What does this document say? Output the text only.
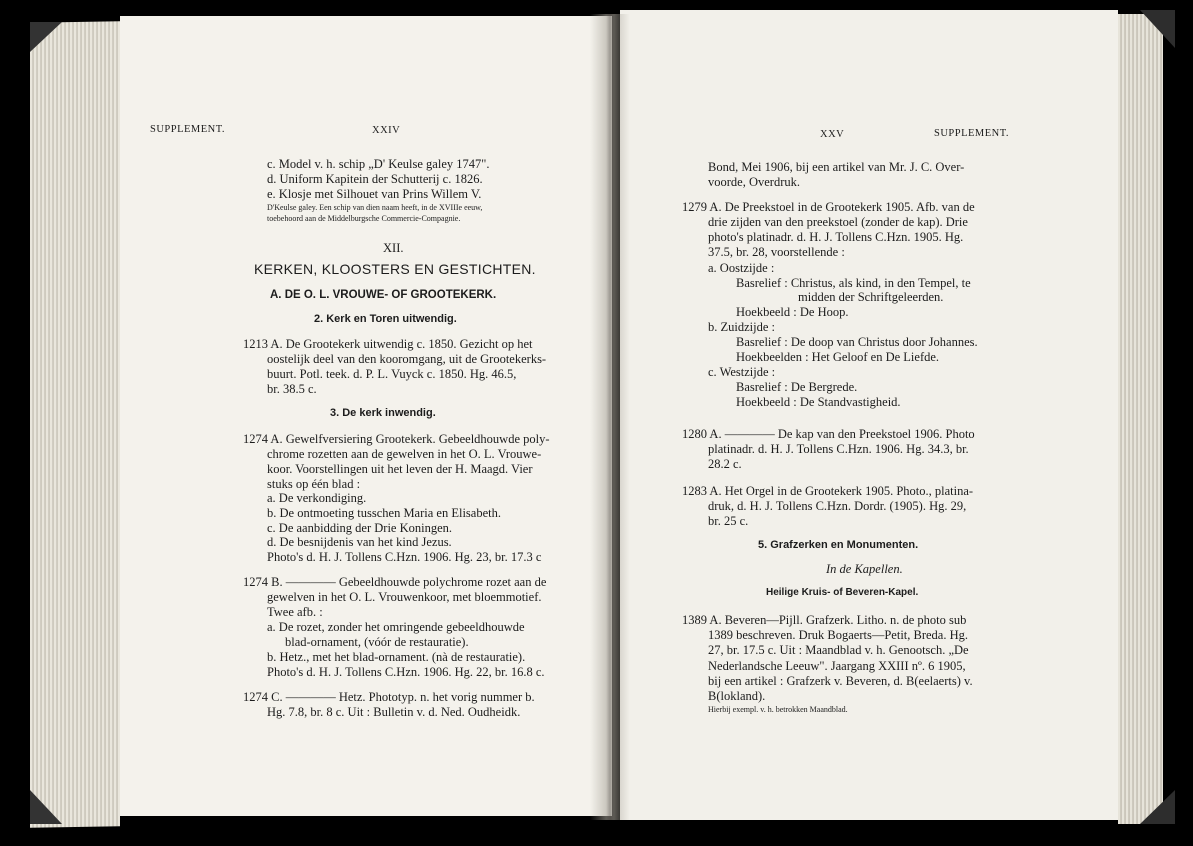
SUPPLEMENT.	XXIV
c. Model v. h. schip „D' Keulse galey 1747".
d. Uniform Kapitein der Schutterij c. 1826.
e. Klosje met Silhouet van Prins Willem V.
D'Keulse galey. Een schip van dien naam heeft, in de XVIIIe eeuw,
toebehoord aan de Middelburgsche Commercie-Compagnie.
XII.
KERKEN, KLOOSTERS EN GESTICHTEN.
A. DE O. L. VROUWE- OF GROOTEKERK.
2. Kerk en Toren uitwendig.
1213 A. De Grootekerk uitwendig c. 1850. Gezicht op het
oostelijk deel van den kooromgang, uit de Grootekerks-
buurt. Potl. teek. d. P. L. Vuyck c. 1850. Hg. 46.5,
br. 38.5 c.
3. De kerk inwendig.
1274 A. Gewelfversiering Grootekerk. Gebeeldhouwde poly-
chrome rozetten aan de gewelven in het O. L. Vrouwe-
koor. Voorstellingen uit het leven der H. Maagd. Vier
stuks op één blad :
a. De verkondiging.
b. De ontmoeting tusschen Maria en Elisabeth.
c. De aanbidding der Drie Koningen.
d. De besnijdenis van het kind Jezus.
Photo's d. H. J. Tollens C.Hzn. 1906. Hg. 23, br. 17.3 c
1274 B. ———— Gebeeldhouwde polychrome rozet aan de
gewelven in het O. L. Vrouwenkoor, met bloemmotief.
Twee afb. :
a. De rozet, zonder het omringende gebeeldhouwde
blad-ornament, (vóór de restauratie).
b. Hetz., met het blad-ornament. (nà de restauratie).
Photo's d. H. J. Tollens C.Hzn. 1906. Hg. 22, br. 16.8 c.
1274 C. ———— Hetz. Phototyp. n. het vorig nummer b.
Hg. 7.8, br. 8 c. Uit : Bulletin v. d. Ned. Oudheidk.
XXV	SUPPLEMENT.
Bond, Mei 1906, bij een artikel van Mr. J. C. Over-
voorde, Overdruk.
1279 A. De Preekstoel in de Grootekerk 1905. Afb. van de
drie zijden van den preekstoel (zonder de kap). Drie
photo's platinadr. d. H. J. Tollens C.Hzn. 1905. Hg.
37.5, br. 28, voorstellende :
a. Oostzijde :
Basrelief : Christus, als kind, in den Tempel, te
midden der Schriftgeleerden.
Hoekbeeld : De Hoop.
b. Zuidzijde :
Basrelief : De doop van Christus door Johannes.
Hoekbeelden : Het Geloof en De Liefde.
c. Westzijde :
Basrelief : De Bergrede.
Hoekbeeld : De Standvastigheid.
1280 A. ———— De kap van den Preekstoel 1906. Photo
platinadr. d. H. J. Tollens C.Hzn. 1906. Hg. 34.3, br.
28.2 c.
1283 A. Het Orgel in de Grootekerk 1905. Photo., platina-
druk, d. H. J. Tollens C.Hzn. Dordr. (1905). Hg. 29,
br. 25 c.
5. Grafzerken en Monumenten.
In de Kapellen.
Heilige Kruis- of Beveren-Kapel.
1389 A. Beveren—Pijll. Grafzerk. Litho. n. de photo sub
1389 beschreven. Druk Bogaerts—Petit, Breda. Hg.
27, br. 17.5 c. Uit : Maandblad v. h. Genootsch. „De
Nederlandsche Leeuw". Jaargang XXIII nº. 6 1905,
bij een artikel : Grafzerk v. Beveren, d. B(eelaerts) v.
B(lokland).
Hierbij exempl. v. h. betrokken Maandblad.
